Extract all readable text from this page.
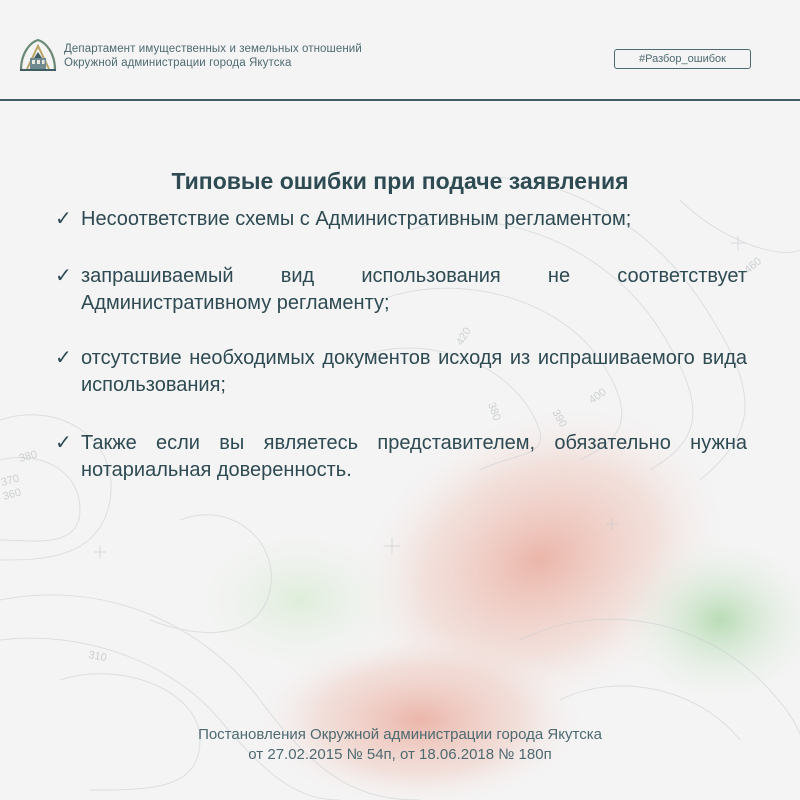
460
420
400
380	390
380
370
360
310
Департамент имущественных и земельных отношений
Окружной администрации города Якутска	#Разбор_ошибок
Типовые ошибки при подаче заявления
✓ Несоответствие схемы с Административным регламентом;
✓ запрашиваемый вид использования не соответствует Административному регламенту;
✓ отсутствие необходимых документов исходя из испрашиваемого вида использования;
✓ Также если вы являетесь представителем, обязательно нужна нотариальная доверенность.
Постановления Окружной администрации города Якутска
от 27.02.2015 № 54п, от 18.06.2018 № 180п
